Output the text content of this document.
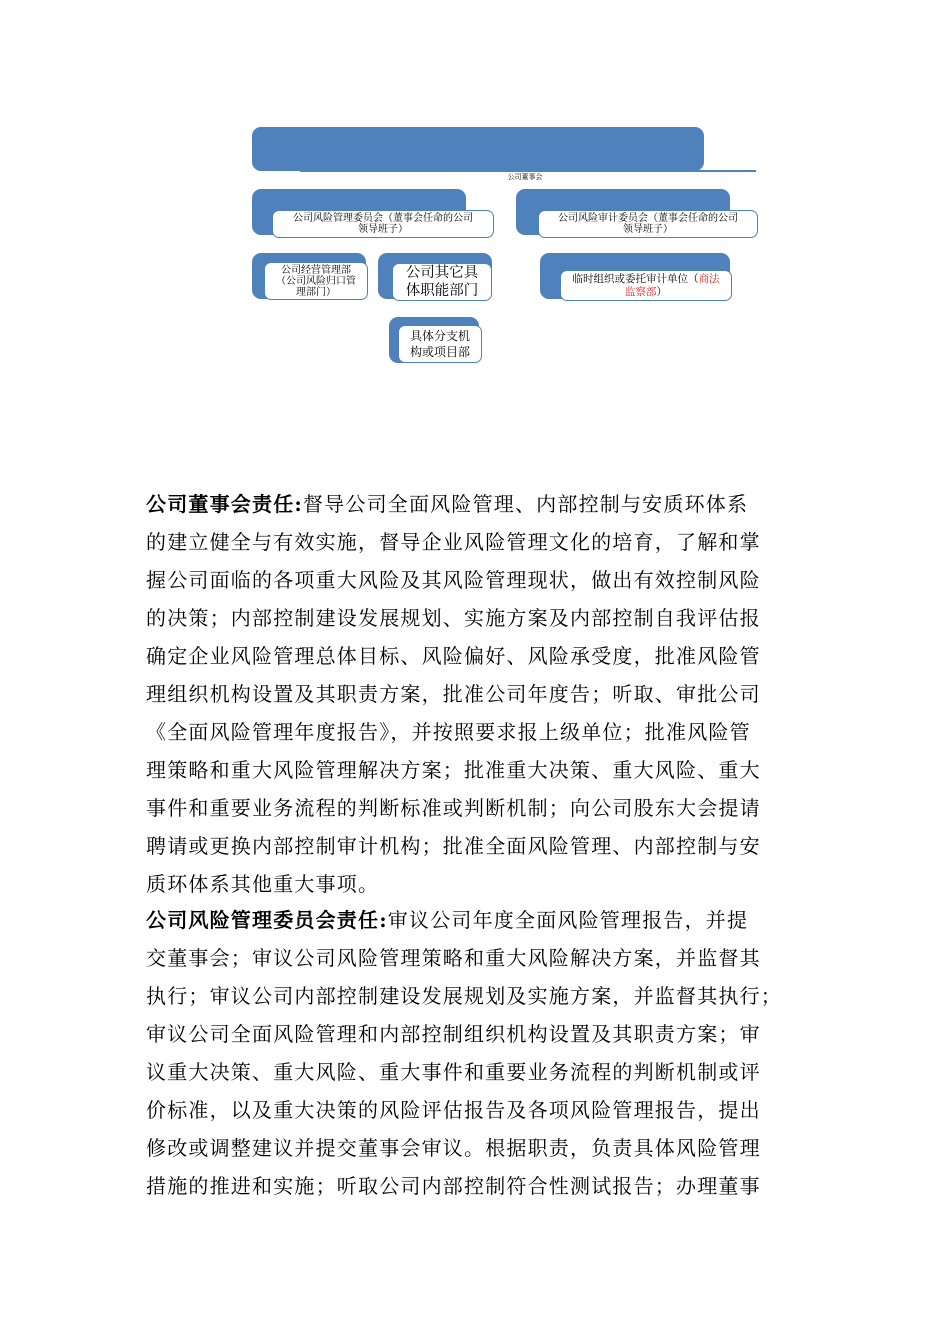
公司董事会
公司风险管理委员会（董事会任命的公司
领导班子）
公司风险审计委员会（董事会任命的公司
领导班子）
公司经营管理部
（公司风险归口管
理部门）
公司其它具
体职能部门
具体分支机
构或项目部
临时组织或委托审计单位（商法
监察部）
公司董事会责任:督导公司全面风险管理、内部控制与安质环体系
的建立健全与有效实施，督导企业风险管理文化的培育，了解和掌
握公司面临的各项重大风险及其风险管理现状，做出有效控制风险
的决策；内部控制建设发展规划、实施方案及内部控制自我评估报
确定企业风险管理总体目标、风险偏好、风险承受度，批准风险管
理组织机构设置及其职责方案，批准公司年度告；听取、审批公司
《全面风险管理年度报告》，并按照要求报上级单位；批准风险管
理策略和重大风险管理解决方案；批准重大决策、重大风险、重大
事件和重要业务流程的判断标准或判断机制；向公司股东大会提请
聘请或更换内部控制审计机构；批准全面风险管理、内部控制与安
质环体系其他重大事项。
公司风险管理委员会责任:审议公司年度全面风险管理报告，并提
交董事会；审议公司风险管理策略和重大风险解决方案，并监督其
执行；审议公司内部控制建设发展规划及实施方案，并监督其执行；
审议公司全面风险管理和内部控制组织机构设置及其职责方案；审
议重大决策、重大风险、重大事件和重要业务流程的判断机制或评
价标准，以及重大决策的风险评估报告及各项风险管理报告，提出
修改或调整建议并提交董事会审议。根据职责，负责具体风险管理
措施的推进和实施；听取公司内部控制符合性测试报告；办理董事
